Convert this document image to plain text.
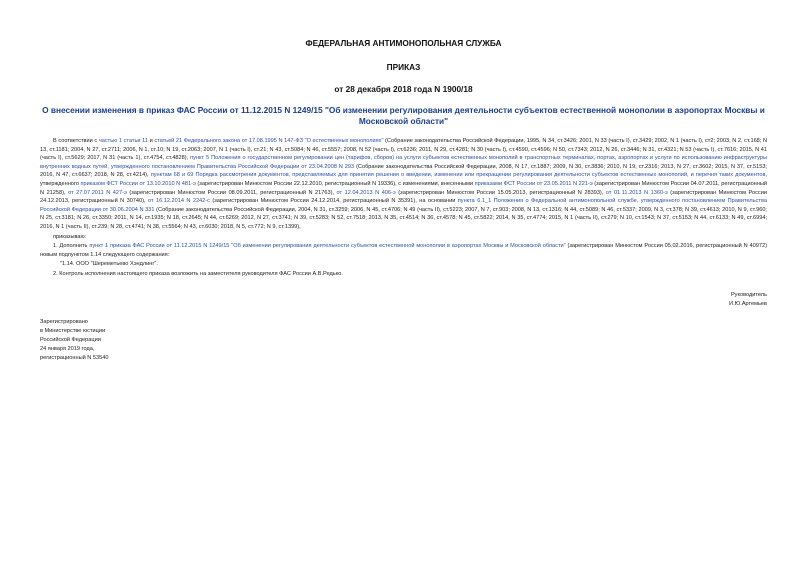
ФЕДЕРАЛЬНАЯ АНТИМОНОПОЛЬНАЯ СЛУЖБА
ПРИКАЗ
от 28 декабря 2018 года N 1900/18
О внесении изменения в приказ ФАС России от 11.12.2015 N 1249/15 "Об изменении регулирования деятельности субъектов естественной монополии в аэропортах Москвы и Московской области"

В соответствии с частью 1 статьи 11 и статьей 21 Федерального закона от 17.08.1995 N 147-ФЗ "О естественных монополиях" (Собрание законодательства Российской Федерации, 1995, N 34, ст.3426; 2001, N 33 (часть I), ст.3429; 2002, N 1 (часть I), ст2; 2003, N 2, ст.168; N 13, ст.1181; 2004, N 27, ст.2711; 2006, N 1, ст.10; N 19, ст.2063; 2007, N 1 (часть I), ст.21; N 43, ст.5084; N 46, ст.5557; 2008, N 52 (часть I), ст.6236; 2011, N 29, ст.4281; N 30 (часть I), ст.4590, ст.4596; N 50, ст.7343; 2012, N 26, ст.3446; N 31, ст.4321; N 53 (часть I), ст.7616; 2015, N 41 (часть I), ст.5629; 2017, N 31 (часть 1), ст.4754, ст.4828), пункт 5 Положения о государственном регулировании цен (тарифов, сборов) на услуги субъектов естественных монополий в транспортных терминалах, портах, аэропортах и услуги по использованию инфраструктуры внутренних водных путей, утвержденного постановлением Правительства Российской Федерации от 23.04.2008 N 293 (Собрание законодательства Российской Федерации, 2008, N 17, ст.1887; 2009, N 30, ст.3836; 2010, N 19, ст.2316; 2013, N 27, ст.3602; 2015, N 37, ст.5153; 2016, N 47, ст.6637; 2018, N 28, ст.4214), пунктам 68 и 69 Порядка рассмотрения документов, представляемых для принятия решения о введении, изменении или прекращении регулирования деятельности субъектов естественных монополий, и перечня таких документов, утвержденного приказом ФСТ России от 13.10.2010 N 481-э (зарегистрирован Минюстом России 22.12.2010, регистрационный N 19336), с изменениями, внесенными приказами ФСТ России от 23.05.2011 N 221-э (зарегистрирован Минюстом России 04.07.2011, регистрационный N 21258), от 27.07.2011 N 427-э (зарегистрирован Минюстом России 08.09.2011, регистрационный N 21763), от 12.04.2013 N 406-э (зарегистрирован Минюстом России 15.05.2013, регистрационный N 28393), от 01.11.2013 N 1360-э (зарегистрирован Минюстом России 24.12.2013, регистрационный N 30740), от 16.12.2014 N 2242-с (зарегистрирован Минюстом России 24.12.2014, регистрационный N 35391), на основании пункта 6.1_1 Положения о Федеральной антимонопольной службе, утвержденного постановлением Правительства Российской Федерации от 30.06.2004 N 331 (Собрание законодательства Российской Федерации, 2004, N 31, ст.3259; 2006, N 45, ст.4706; N 49 (часть II), ст.5223; 2007, N 7, ст.903; 2008, N 13, ст.1316; N 44, ст.5089; N 46, ст.5337; 2009, N 3, ст.378; N 39, ст.4613; 2010, N 9, ст.960; N 25, ст.3181; N 26, ст.3350; 2011, N 14, ст.1935; N 18, ст.2645; N 44, ст.6269; 2012, N 27, ст.3741; N 39, ст.5283; N 52, ст.7518; 2013, N 35, ст.4514; N 36, ст.4578; N 45, ст.5822; 2014, N 35, ст.4774; 2015, N 1 (часть II), ст.279; N 10, ст.1543; N 37, ст.5153; N 44, ст.6133; N 49, ст.6994; 2016, N 1 (часть II), ст.239; N 28, ст.4741; N 38, ст.5564; N 43, ст.6030; 2018, N 5, ст.772; N 9, ст.1399),

приказываю:

1. Дополнить пункт 1 приказа ФАС России от 11.12.2015 N 1249/15 "Об изменении регулирования деятельности субъектов естественной монополии в аэропортах Москвы и Московской области" (зарегистрирован Минюстом России 05.02.2016, регистрационный N 40972) новым подпунктом 1.14 следующего содержания:

"1.14. ООО "Шереметьево Хэндлинг".

2. Контроль исполнения настоящего приказа возложить на заместителя руководителя ФАС России А.В.Редько.

Руководитель
И.Ю.Артемьев
Зарегистрировано
в Министерстве юстиции
Российской Федерации
24 января 2019 года,
регистрационный N 53540
